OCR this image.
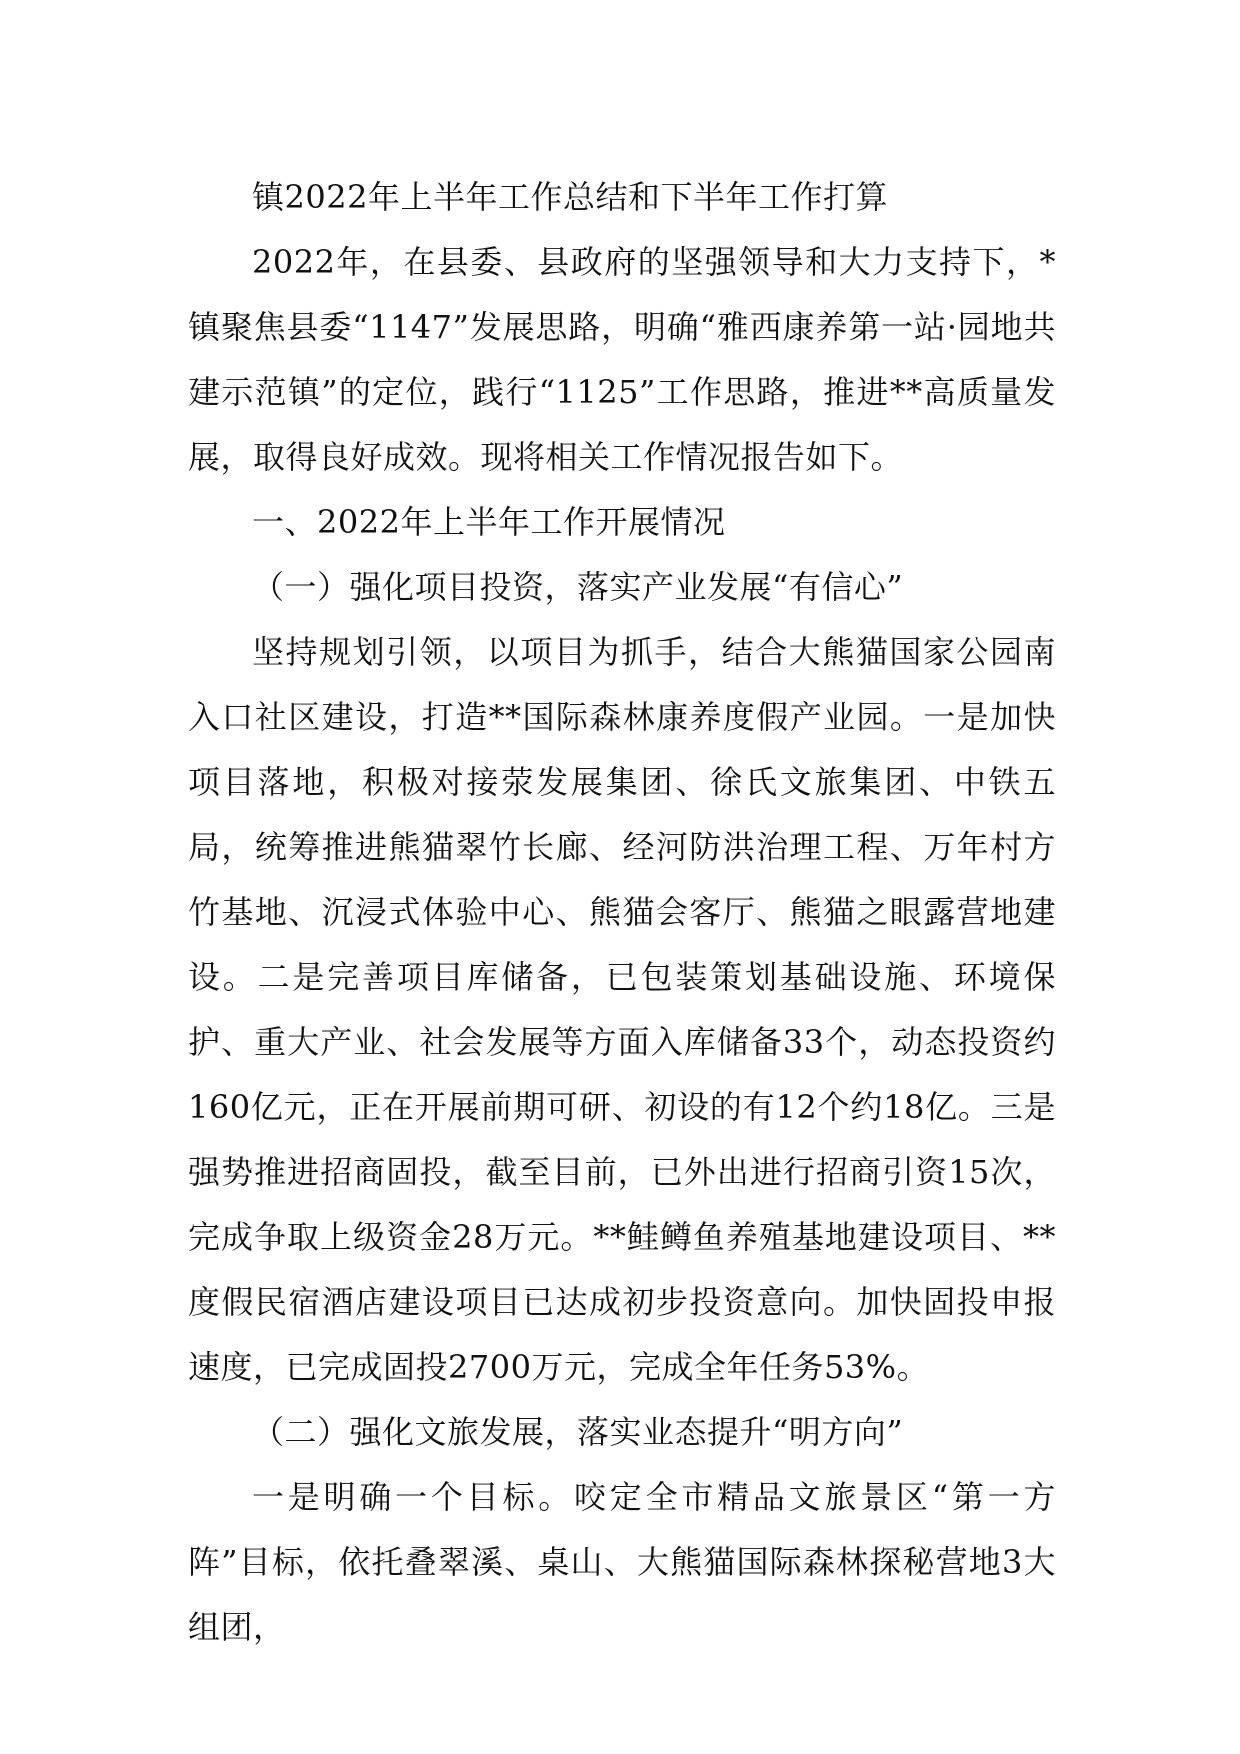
镇2022年上半年工作总结和下半年工作打算

2022年，在县委、县政府的坚强领导和大力支持下，*镇聚焦县委“1147”发展思路，明确“雅西康养第一站·园地共建示范镇”的定位，践行“1125”工作思路，推进**高质量发展，取得良好成效。现将相关工作情况报告如下。

一、2022年上半年工作开展情况

（一）强化项目投资，落实产业发展“有信心”

坚持规划引领，以项目为抓手，结合大熊猫国家公园南入口社区建设，打造**国际森林康养度假产业园。一是加快项目落地，积极对接荥发展集团、徐氏文旅集团、中铁五局，统筹推进熊猫翠竹长廊、经河防洪治理工程、万年村方竹基地、沉浸式体验中心、熊猫会客厅、熊猫之眼露营地建设。二是完善项目库储备，已包装策划基础设施、环境保护、重大产业、社会发展等方面入库储备33个，动态投资约160亿元，正在开展前期可研、初设的有12个约18亿。三是强势推进招商固投，截至目前，已外出进行招商引资15次，完成争取上级资金28万元。**鲑鳟鱼养殖基地建设项目、**度假民宿酒店建设项目已达成初步投资意向。加快固投申报速度，已完成固投2700万元，完成全年任务53%。

（二）强化文旅发展，落实业态提升“明方向”

一是明确一个目标。咬定全市精品文旅景区“第一方阵”目标，依托叠翠溪、桌山、大熊猫国际森林探秘营地3大组团，
